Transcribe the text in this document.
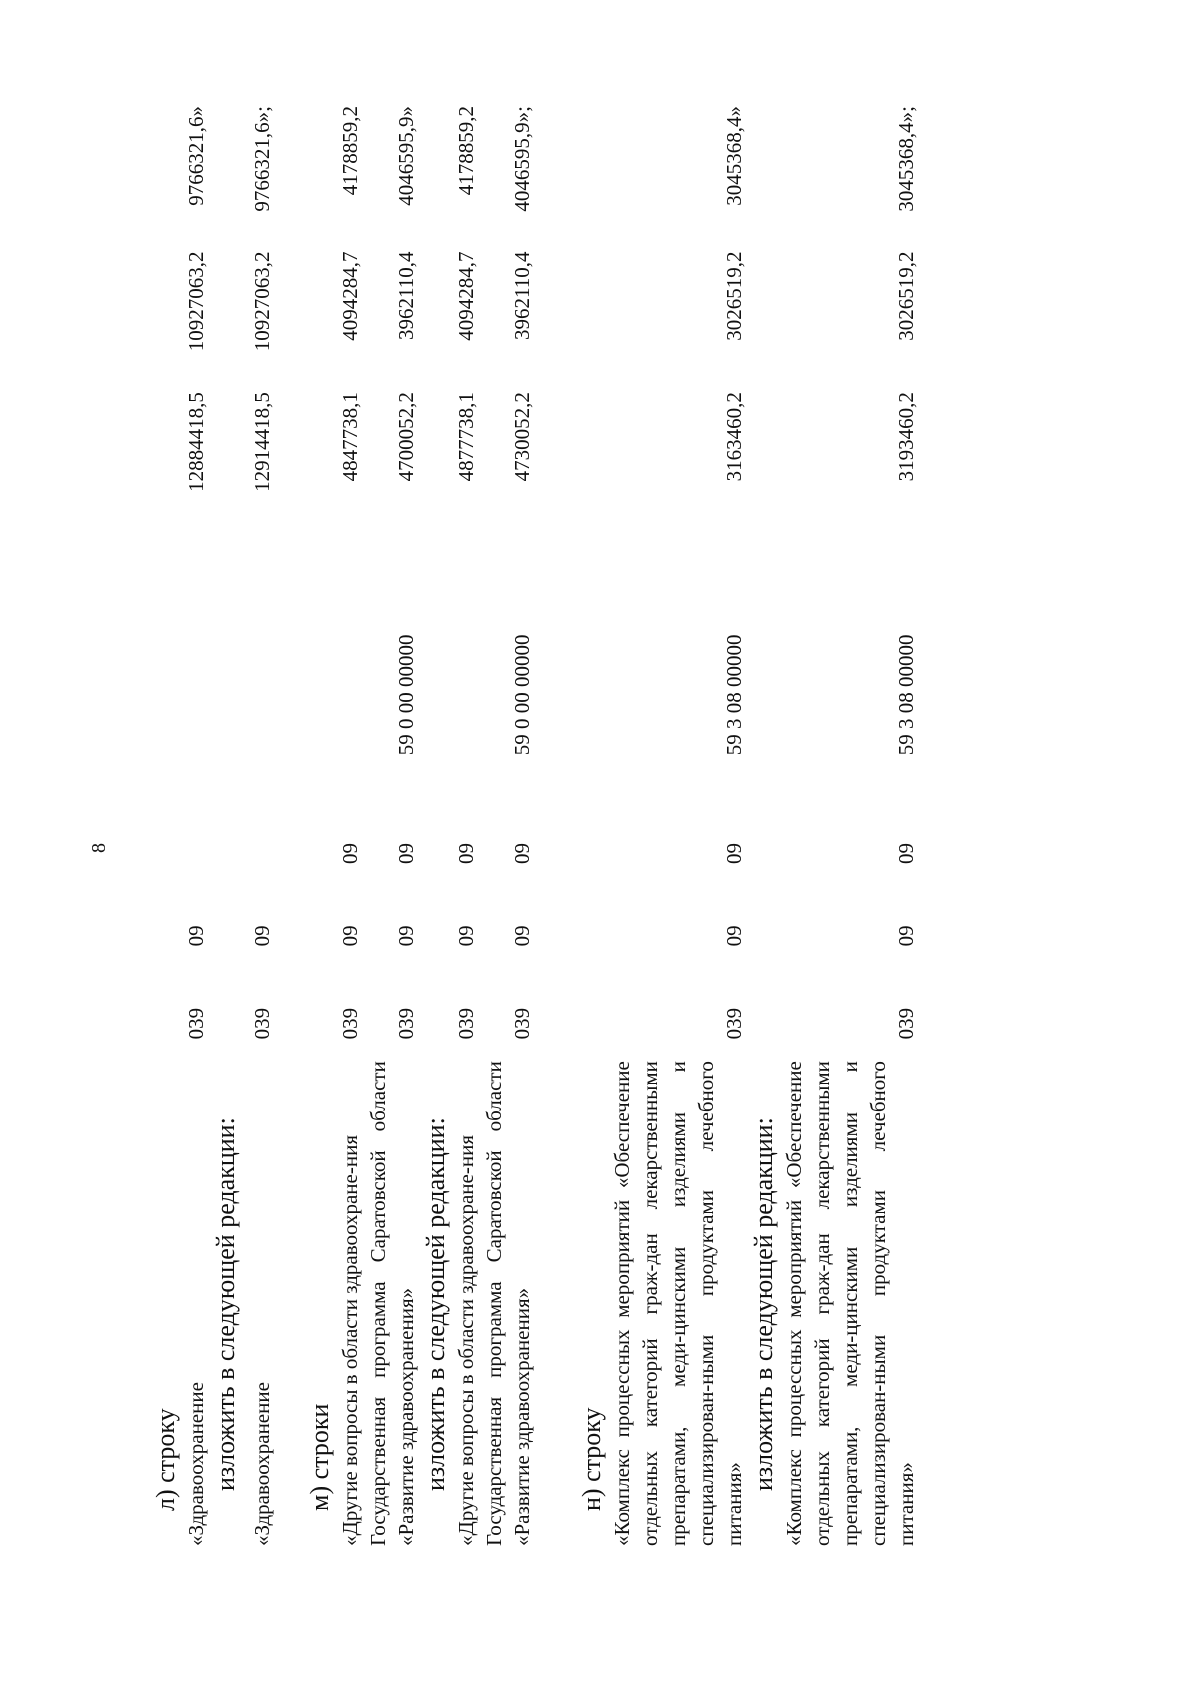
8
л) строку «Здравоохранение
039
09
12884418,5
10927063,2
9766321,6»
изложить в следующей редакции: «Здравоохранение
039
09
12914418,5
10927063,2
9766321,6»;
м) строки «Другие вопросы в области здравоохране-ния
039
09
09
4847738,1
4094284,7
4178859,2
Государственная программа Саратовской области «Развитие здравоохранения»
039
09
09
59 0 00 00000
4700052,2
3962110,4
4046595,9»
изложить в следующей редакции: «Другие вопросы в области здравоохране-ния
039
09
09
4877738,1
4094284,7
4178859,2
Государственная программа Саратовской области «Развитие здравоохранения»
039
09
09
59 0 00 00000
4730052,2
3962110,4
4046595,9»;
н) строку «Комплекс процессных мероприятий «Обеспечение отдельных категорий граж-дан лекарственными препаратами, меди-цинскими изделиями и специализирован-ными продуктами лечебного питания»
039
09
09
59 3 08 00000
3163460,2
3026519,2
3045368,4»
изложить в следующей редакции: «Комплекс процессных мероприятий «Обеспечение отдельных категорий граж-дан лекарственными препаратами, меди-цинскими изделиями и специализирован-ными продуктами лечебного питания»
039
09
09
59 3 08 00000
3193460,2
3026519,2
3045368,4»;
